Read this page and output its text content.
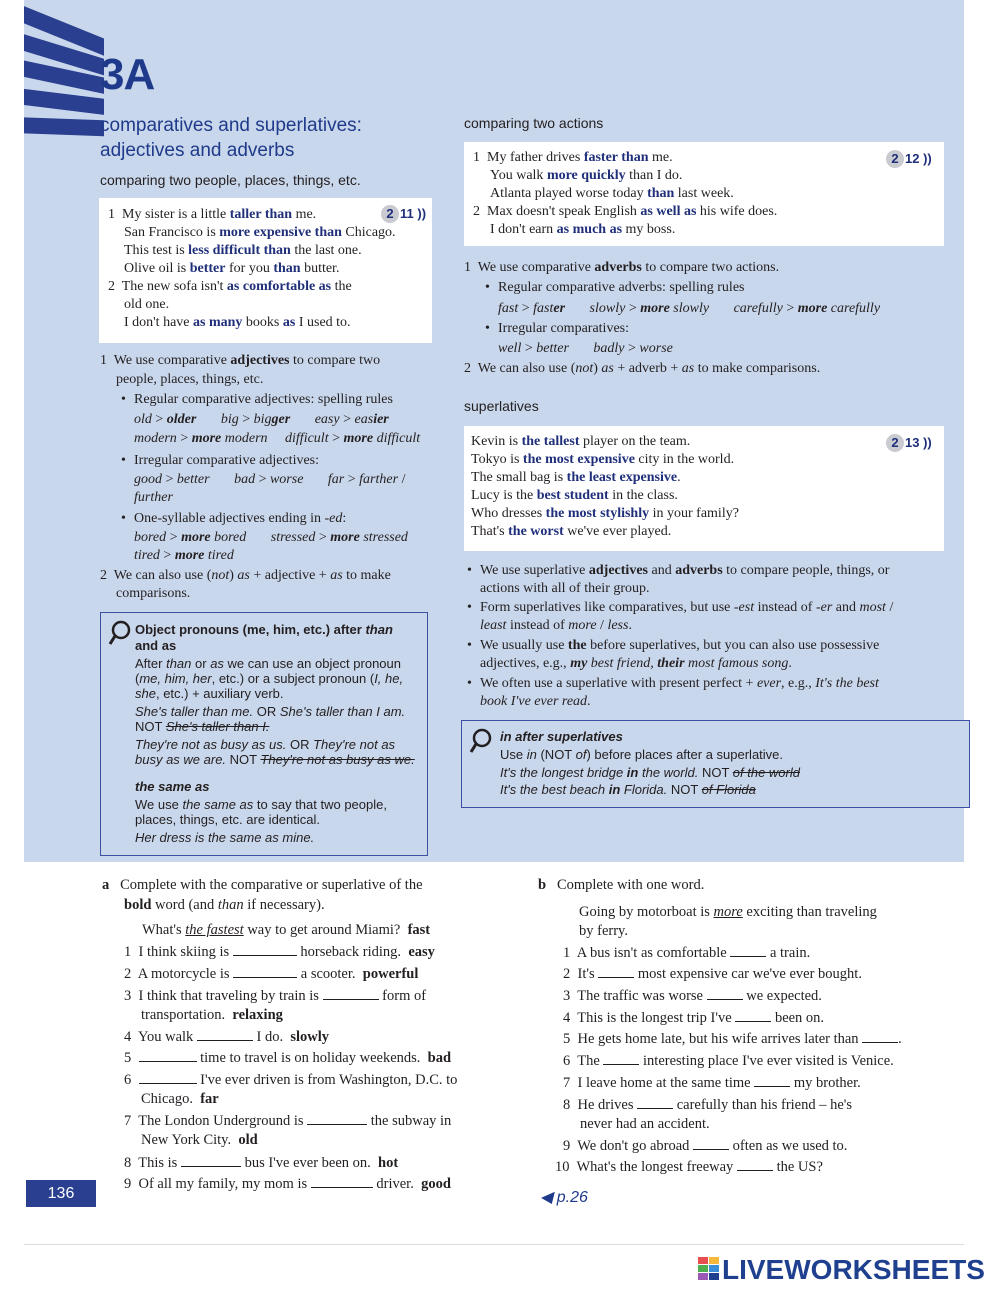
3A
comparatives and superlatives:
adjectives and adverbs
comparing two people, places, things, etc.
2 11 ))
1  My sister is a little taller than me.
San Francisco is more expensive than Chicago.
This test is less difficult than the last one.
Olive oil is better for you than butter.
2  The new sofa isn't as comfortable as the
old one.
I don't have as many books as I used to.
1  We use comparative adjectives to compare two
people, places, things, etc.
• Regular comparative adjectives: spelling rules
old > older big > bigger easy > easier
modern > more modern difficult > more difficult
• Irregular comparative adjectives:
good > better bad > worse far > farther /
further
• One-syllable adjectives ending in -ed:
bored > more bored stressed > more stressed
tired > more tired
2  We can also use (not) as + adjective + as to make
comparisons.
Object pronouns (me, him, etc.) after than
and as
After than or as we can use an object pronoun
(me, him, her, etc.) or a subject pronoun (I, he,
she, etc.) + auxiliary verb.
She's taller than me. OR She's taller than I am.
NOT She's taller than I.
They're not as busy as us. OR They're not as
busy as we are. NOT They're not as busy as we.
the same as
We use the same as to say that two people,
places, things, etc. are identical.
Her dress is the same as mine.
comparing two actions
2 12 ))
1  My father drives faster than me.
You walk more quickly than I do.
Atlanta played worse today than last week.
2  Max doesn't speak English as well as his wife does.
I don't earn as much as my boss.
1  We use comparative adverbs to compare two actions.
• Regular comparative adverbs: spelling rules
fast > faster slowly > more slowly carefully > more carefully
• Irregular comparatives:
well > better badly > worse
2  We can also use (not) as + adverb + as to make comparisons.
superlatives
2 13 ))
Kevin is the tallest player on the team.
Tokyo is the most expensive city in the world.
The small bag is the least expensive.
Lucy is the best student in the class.
Who dresses the most stylishly in your family?
That's the worst we've ever played.
• We use superlative adjectives and adverbs to compare people, things, or
actions with all of their group.
• Form superlatives like comparatives, but use -est instead of -er and most /
least instead of more / less.
• We usually use the before superlatives, but you can also use possessive
adjectives, e.g., my best friend, their most famous song.
• We often use a superlative with present perfect + ever, e.g., It's the best
book I've ever read.
in after superlatives
Use in (NOT of) before places after a superlative.
It's the longest bridge in the world. NOT of the world
It's the best beach in Florida. NOT of Florida
a Complete with the comparative or superlative of the
bold word (and than if necessary).
What's the fastest way to get around Miami?  fast
1  I think skiing is	horseback riding.  easy
2  A motorcycle is	a scooter.  powerful
3  I think that traveling by train is	form of
transportation.  relaxing
4  You walk	I do.  slowly
5	time to travel is on holiday weekends.  bad
6	I've ever driven is from Washington, D.C. to
Chicago.  far
7  The London Underground is	the subway in
New York City.  old
8  This is	bus I've ever been on.  hot
9  Of all my family, my mom is	driver.  good
b Complete with one word.
Going by motorboat is more exciting than traveling
by ferry.
1  A bus isn't as comfortable  a train.
2  It's  most expensive car we've ever bought.
3  The traffic was worse  we expected.
4  This is the longest trip I've  been on.
5  He gets home late, but his wife arrives later than .
6  The  interesting place I've ever visited is Venice.
7  I leave home at the same time  my brother.
8  He drives  carefully than his friend – he's
never had an accident.
9  We don't go abroad  often as we used to.
10  What's the longest freeway  the US?
136	◀ p.26
LIVEWORKSHEETS
